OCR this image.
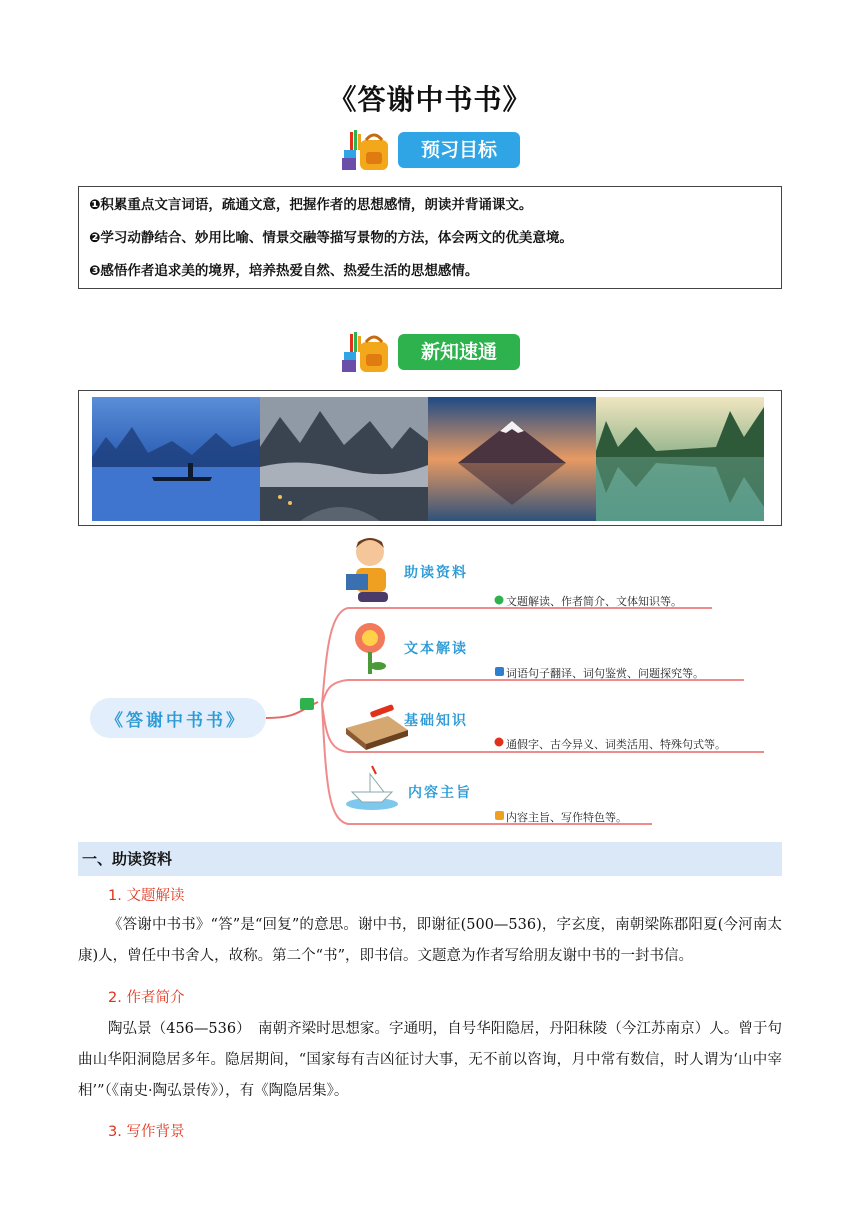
《答谢中书书》
预习目标
❶积累重点文言词语，疏通文意，把握作者的思想感情，朗读并背诵课文。
❷学习动静结合、妙用比喻、情景交融等描写景物的方法，体会两文的优美意境。
❸感悟作者追求美的境界，培养热爱自然、热爱生活的思想感情。
新知速通
《答谢中书书》
助读资料
文题解读、作者简介、文体知识等。
文本解读
词语句子翻译、词句鉴赏、问题探究等。
基础知识
通假字、古今异义、词类活用、特殊句式等。
内容主旨
内容主旨、写作特色等。
一、助读资料
1. 文题解读
《答谢中书书》“答”是“回复”的意思。谢中书，即谢征(500—536)，字玄度，南朝梁陈郡阳夏(今河南太康)人，曾任中书舍人，故称。第二个“书”，即书信。文题意为作者写给朋友谢中书的一封书信。
2. 作者简介
陶弘景（456—536）　南朝齐梁时思想家。字通明，自号华阳隐居，丹阳秣陵（今江苏南京）人。曾于句曲山华阳洞隐居多年。隐居期间，“国家每有吉凶征讨大事，无不前以咨询，月中常有数信，时人谓为‘山中宰相’”（《南史·陶弘景传》），有《陶隐居集》。
3. 写作背景
